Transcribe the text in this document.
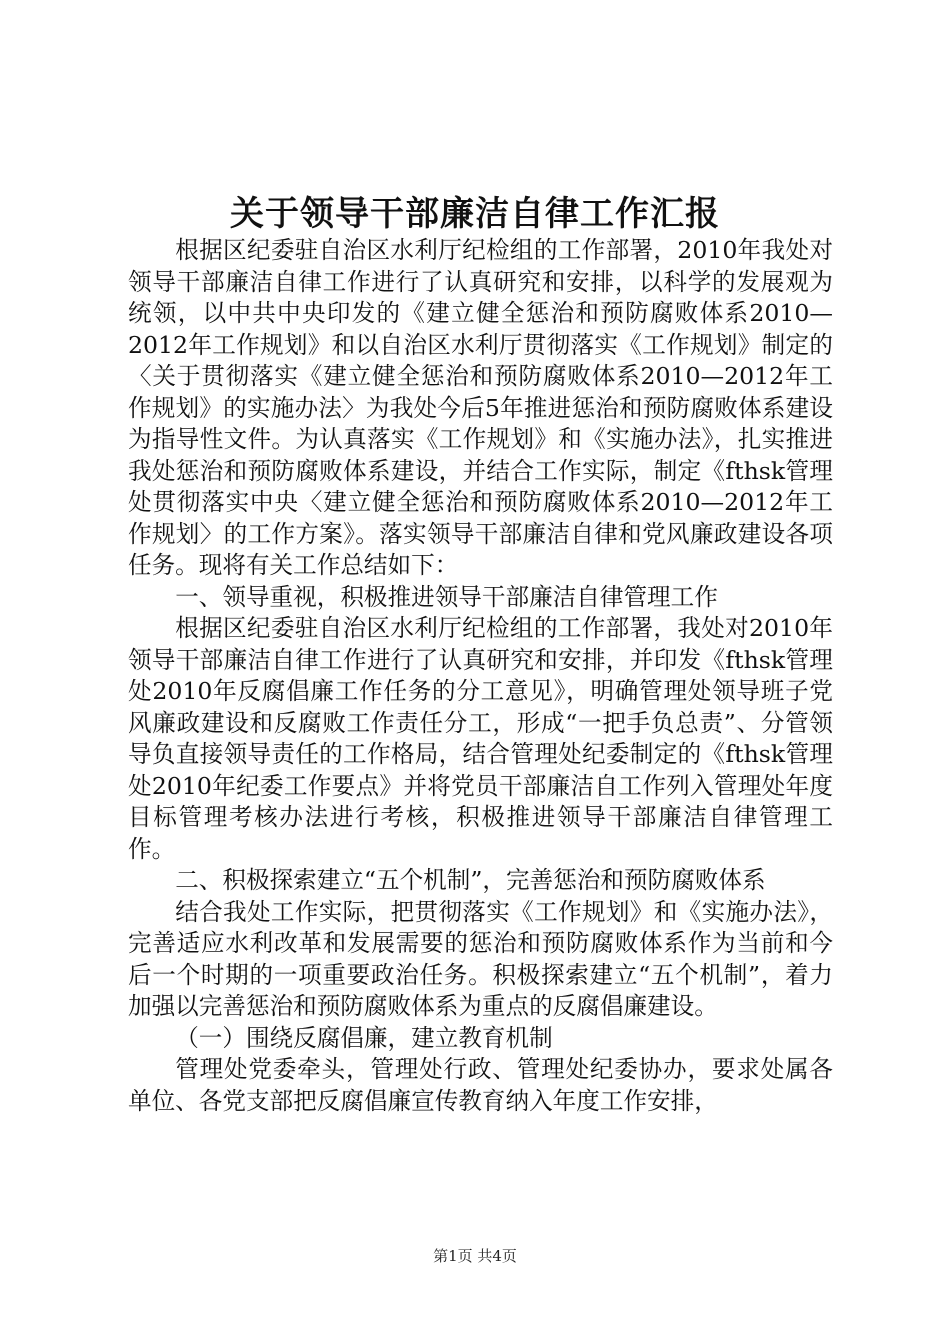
关于领导干部廉洁自律工作汇报

根据区纪委驻自治区水利厅纪检组的工作部署，2010年我处对领导干部廉洁自律工作进行了认真研究和安排，以科学的发展观为统领，以中共中央印发的《建立健全惩治和预防腐败体系2010—2012年工作规划》和以自治区水利厅贯彻落实《工作规划》制定的〈关于贯彻落实《建立健全惩治和预防腐败体系2010—2012年工作规划》的实施办法〉为我处今后5年推进惩治和预防腐败体系建设为指导性文件。为认真落实《工作规划》和《实施办法》，扎实推进我处惩治和预防腐败体系建设，并结合工作实际，制定《fthsk管理处贯彻落实中央〈建立健全惩治和预防腐败体系2010—2012年工作规划〉的工作方案》。落实领导干部廉洁自律和党风廉政建设各项任务。现将有关工作总结如下：

一、领导重视，积极推进领导干部廉洁自律管理工作

根据区纪委驻自治区水利厅纪检组的工作部署，我处对2010年领导干部廉洁自律工作进行了认真研究和安排，并印发《fthsk管理处2010年反腐倡廉工作任务的分工意见》，明确管理处领导班子党风廉政建设和反腐败工作责任分工，形成“一把手负总责”、分管领导负直接领导责任的工作格局，结合管理处纪委制定的《fthsk管理处2010年纪委工作要点》并将党员干部廉洁自工作列入管理处年度目标管理考核办法进行考核，积极推进领导干部廉洁自律管理工作。

二、积极探索建立“五个机制”，完善惩治和预防腐败体系

结合我处工作实际，把贯彻落实《工作规划》和《实施办法》，完善适应水利改革和发展需要的惩治和预防腐败体系作为当前和今后一个时期的一项重要政治任务。积极探索建立“五个机制”，着力加强以完善惩治和预防腐败体系为重点的反腐倡廉建设。

（一）围绕反腐倡廉，建立教育机制

管理处党委牵头，管理处行政、管理处纪委协办，要求处属各单位、各党支部把反腐倡廉宣传教育纳入年度工作安排，

第1页 共4页
